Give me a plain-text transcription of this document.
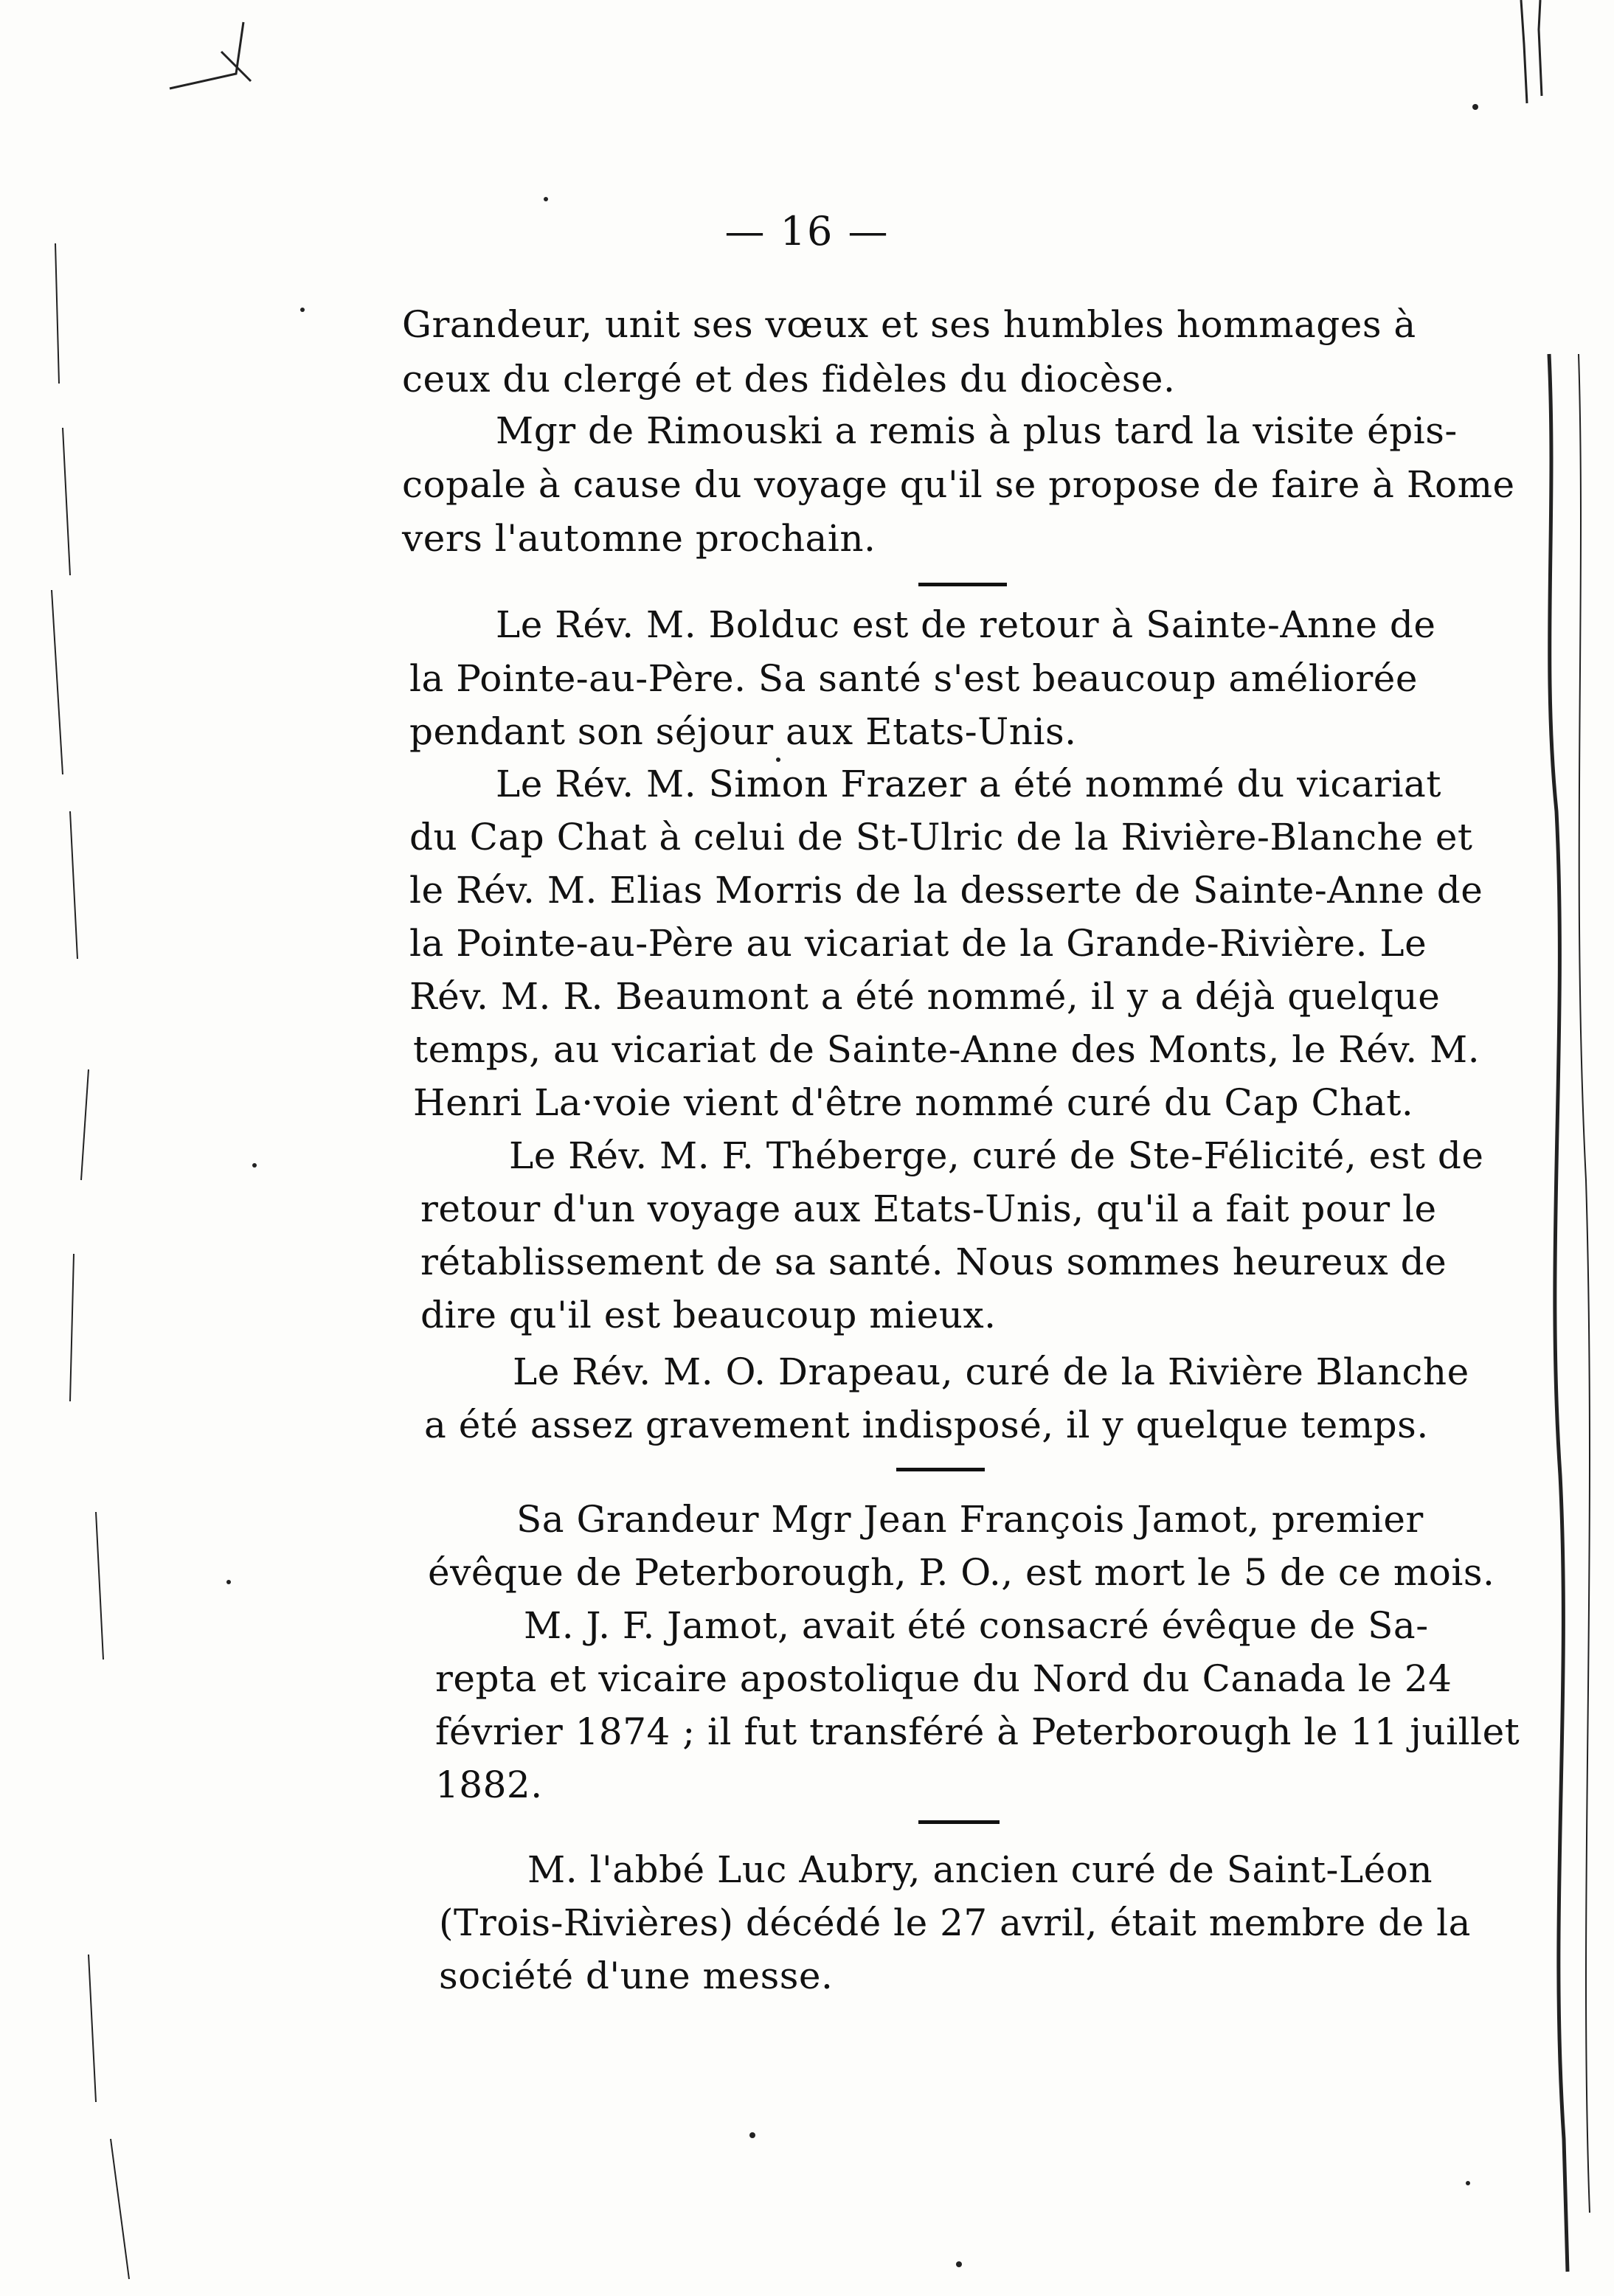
— 16 —
Grandeur, unit ses vœux et ses humbles hommages à
ceux du clergé et des fidèles du diocèse.
Mgr de Rimouski a remis à plus tard la visite épis-
copale à cause du voyage qu'il se propose de faire à Rome
vers l'automne prochain.
Le Rév. M. Bolduc est de retour à Sainte-Anne de
la Pointe-au-Père. Sa santé s'est beaucoup améliorée
pendant son séjour aux Etats-Unis.
Le Rév. M. Simon Frazer a été nommé du vicariat
du Cap Chat à celui de St-Ulric de la Rivière-Blanche et
le Rév. M. Elias Morris de la desserte de Sainte-Anne de
la Pointe-au-Père au vicariat de la Grande-Rivière. Le
Rév. M. R. Beaumont a été nommé, il y a déjà quelque
temps, au vicariat de Sainte-Anne des Monts, le Rév. M.
Henri La·voie vient d'être nommé curé du Cap Chat.
Le Rév. M. F. Théberge, curé de Ste-Félicité, est de
retour d'un voyage aux Etats-Unis, qu'il a fait pour le
rétablissement de sa santé. Nous sommes heureux de
dire qu'il est beaucoup mieux.
Le Rév. M. O. Drapeau, curé de la Rivière Blanche
a été assez gravement indisposé, il y quelque temps.
Sa Grandeur Mgr Jean François Jamot, premier
évêque de Peterborough, P. O., est mort le 5 de ce mois.
M. J. F. Jamot, avait été consacré évêque de Sa-
repta et vicaire apostolique du Nord du Canada le 24
février 1874 ; il fut transféré à Peterborough le 11 juillet
1882.
M. l'abbé Luc Aubry, ancien curé de Saint-Léon
(Trois-Rivières) décédé le 27 avril, était membre de la
société d'une messe.
